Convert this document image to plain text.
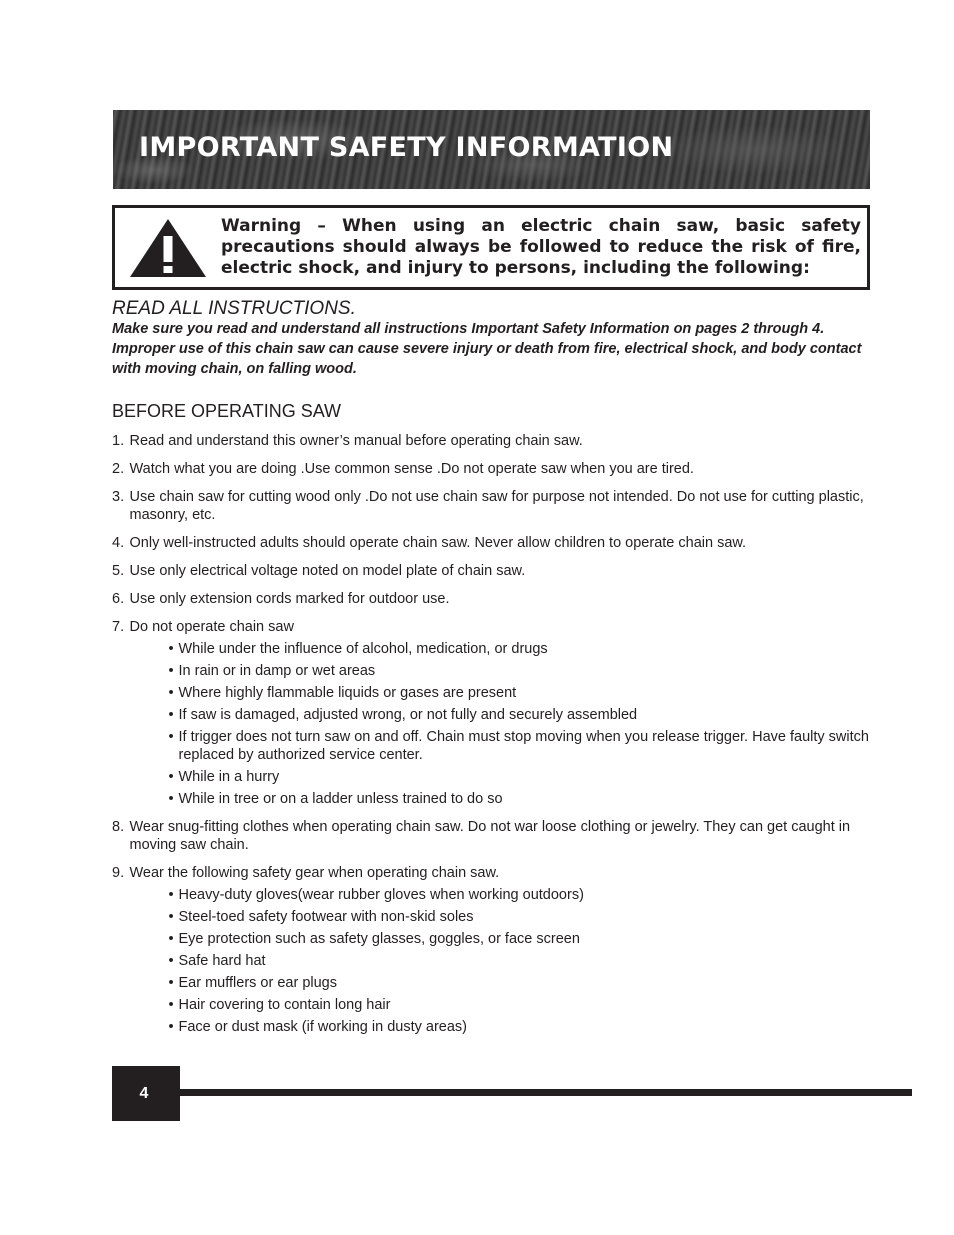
IMPORTANT SAFETY INFORMATION

Warning – When using an electric chain saw, basic safety precautions should always be followed to reduce the risk of fire, electric shock, and injury to persons, including the following:

READ ALL INSTRUCTIONS.

Make sure you read and understand all instructions Important Safety Information on pages 2 through 4. Improper use of this chain saw can cause severe injury or death from fire, electrical shock, and body contact with moving chain, on falling wood.

BEFORE OPERATING SAW
1. Read and understand this owner’s manual before operating chain saw.
2. Watch what you are doing .Use common sense .Do not operate saw when you are tired.
3. Use chain saw for cutting wood only .Do not use chain saw for purpose not intended. Do not use for cutting plastic, masonry, etc.
4. Only well-instructed adults should operate chain saw. Never allow children to operate chain saw.
5. Use only electrical voltage noted on model plate of chain saw.
6. Use only extension cords marked for outdoor use.
7. Do not operate chain saw
• While under the influence of alcohol, medication, or drugs
• In rain or in damp or wet areas
• Where highly flammable liquids or gases are present
• If saw is damaged, adjusted wrong, or not fully and securely assembled
• If trigger does not turn saw on and off. Chain must stop moving when you release trigger. Have faulty switch replaced by authorized service center.
• While in a hurry
• While in tree or on a ladder unless trained to do so
8. Wear snug-fitting clothes when operating chain saw. Do not war loose clothing or jewelry. They can get caught in moving saw chain.
9. Wear the following safety gear when operating chain saw.
• Heavy-duty gloves(wear rubber gloves when working outdoors)
• Steel-toed safety footwear with non-skid soles
• Eye protection such as safety glasses, goggles, or face screen
• Safe hard hat
• Ear mufflers or ear plugs
• Hair covering to contain long hair
• Face or dust mask (if working in dusty areas)
4
